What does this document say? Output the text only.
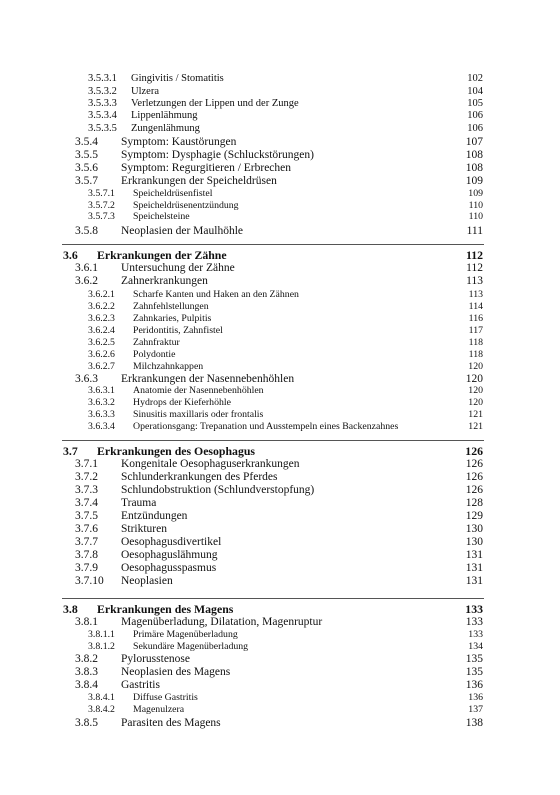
3.5.3.1 Gingivitis / Stomatitis	102
3.5.3.2 Ulzera	104
3.5.3.3 Verletzungen der Lippen und der Zunge	105
3.5.3.4 Lippenlähmung	106
3.5.3.5 Zungenlähmung	106
3.5.4 Symptom: Kaustörungen	107
3.5.5 Symptom: Dysphagie (Schluckstörungen)	108
3.5.6 Symptom: Regurgitieren / Erbrechen	108
3.5.7 Erkrankungen der Speicheldrüsen	109
3.5.7.1 Speicheldrüsenfistel	109
3.5.7.2 Speicheldrüsenentzündung	110
3.5.7.3 Speichelsteine	110
3.5.8 Neoplasien der Maulhöhle	111
3.6 Erkrankungen der Zähne	112
3.6.1 Untersuchung der Zähne	112
3.6.2 Zahnerkrankungen	113
3.6.2.1 Scharfe Kanten und Haken an den Zähnen	113
3.6.2.2 Zahnfehlstellungen	114
3.6.2.3 Zahnkaries, Pulpitis	116
3.6.2.4 Peridontitis, Zahnfistel	117
3.6.2.5 Zahnfraktur	118
3.6.2.6 Polydontie	118
3.6.2.7 Milchzahnkappen	120
3.6.3 Erkrankungen der Nasennebenhöhlen	120
3.6.3.1 Anatomie der Nasennebenhöhlen	120
3.6.3.2 Hydrops der Kieferhöhle	120
3.6.3.3 Sinusitis maxillaris oder frontalis	121
3.6.3.4 Operationsgang: Trepanation und Ausstempeln eines Backenzahnes	121
3.7 Erkrankungen des Oesophagus	126
3.7.1 Kongenitale Oesophaguserkrankungen	126
3.7.2 Schlunderkrankungen des Pferdes	126
3.7.3 Schlundobstruktion (Schlundverstopfung)	126
3.7.4 Trauma	128
3.7.5 Entzündungen	129
3.7.6 Strikturen	130
3.7.7 Oesophagusdivertikel	130
3.7.8 Oesophaguslähmung	131
3.7.9 Oesophagusspasmus	131
3.7.10 Neoplasien	131
3.8 Erkrankungen des Magens	133
3.8.1 Magenüberladung, Dilatation, Magenruptur	133
3.8.1.1 Primäre Magenüberladung	133
3.8.1.2 Sekundäre Magenüberladung	134
3.8.2 Pylorusstenose	135
3.8.3 Neoplasien des Magens	135
3.8.4 Gastritis	136
3.8.4.1 Diffuse Gastritis	136
3.8.4.2 Magenulzera	137
3.8.5 Parasiten des Magens	138
